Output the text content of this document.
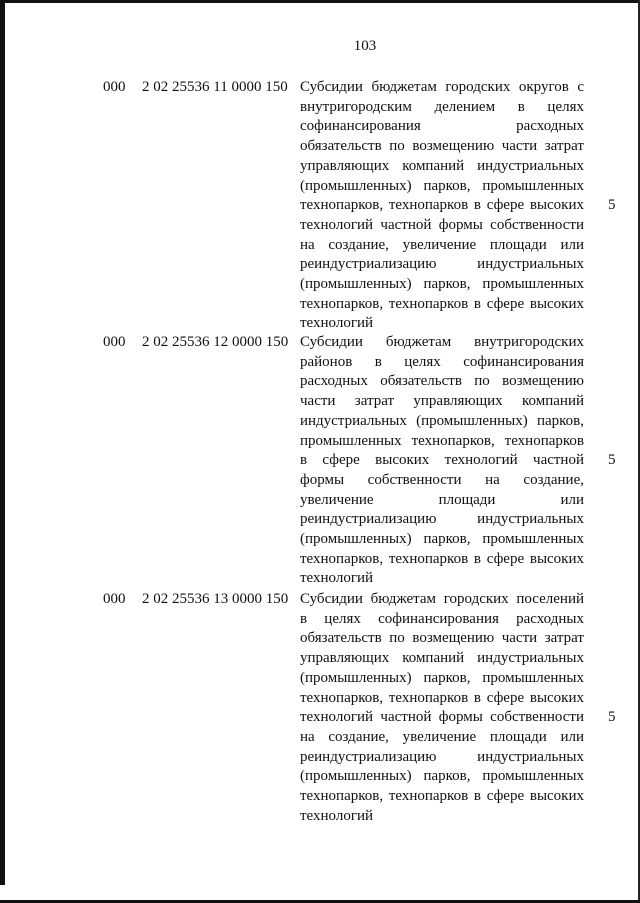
103
000 2 02 25536 11 0000 150 Субсидии бюджетам городских округов с
внутригородским делением в целях
софинансирования расходных
обязательств по возмещению части затрат
управляющих компаний индустриальных
(промышленных) парков, промышленных
технопарков, технопарков в сфере высоких
технологий частной формы собственности
на создание, увеличение площади или
реиндустриализацию индустриальных
(промышленных) парков, промышленных
технопарков, технопарков в сфере высоких
технологий
5
000 2 02 25536 12 0000 150 Субсидии бюджетам внутригородских
районов в целях софинансирования
расходных обязательств по возмещению
части затрат управляющих компаний
индустриальных (промышленных) парков,
промышленных технопарков, технопарков
в сфере высоких технологий частной
формы собственности на создание,
увеличение площади или
реиндустриализацию индустриальных
(промышленных) парков, промышленных
технопарков, технопарков в сфере высоких
технологий
5
000 2 02 25536 13 0000 150 Субсидии бюджетам городских поселений
в целях софинансирования расходных
обязательств по возмещению части затрат
управляющих компаний индустриальных
(промышленных) парков, промышленных
технопарков, технопарков в сфере высоких
технологий частной формы собственности
на создание, увеличение площади или
реиндустриализацию индустриальных
(промышленных) парков, промышленных
технопарков, технопарков в сфере высоких
технологий
5
